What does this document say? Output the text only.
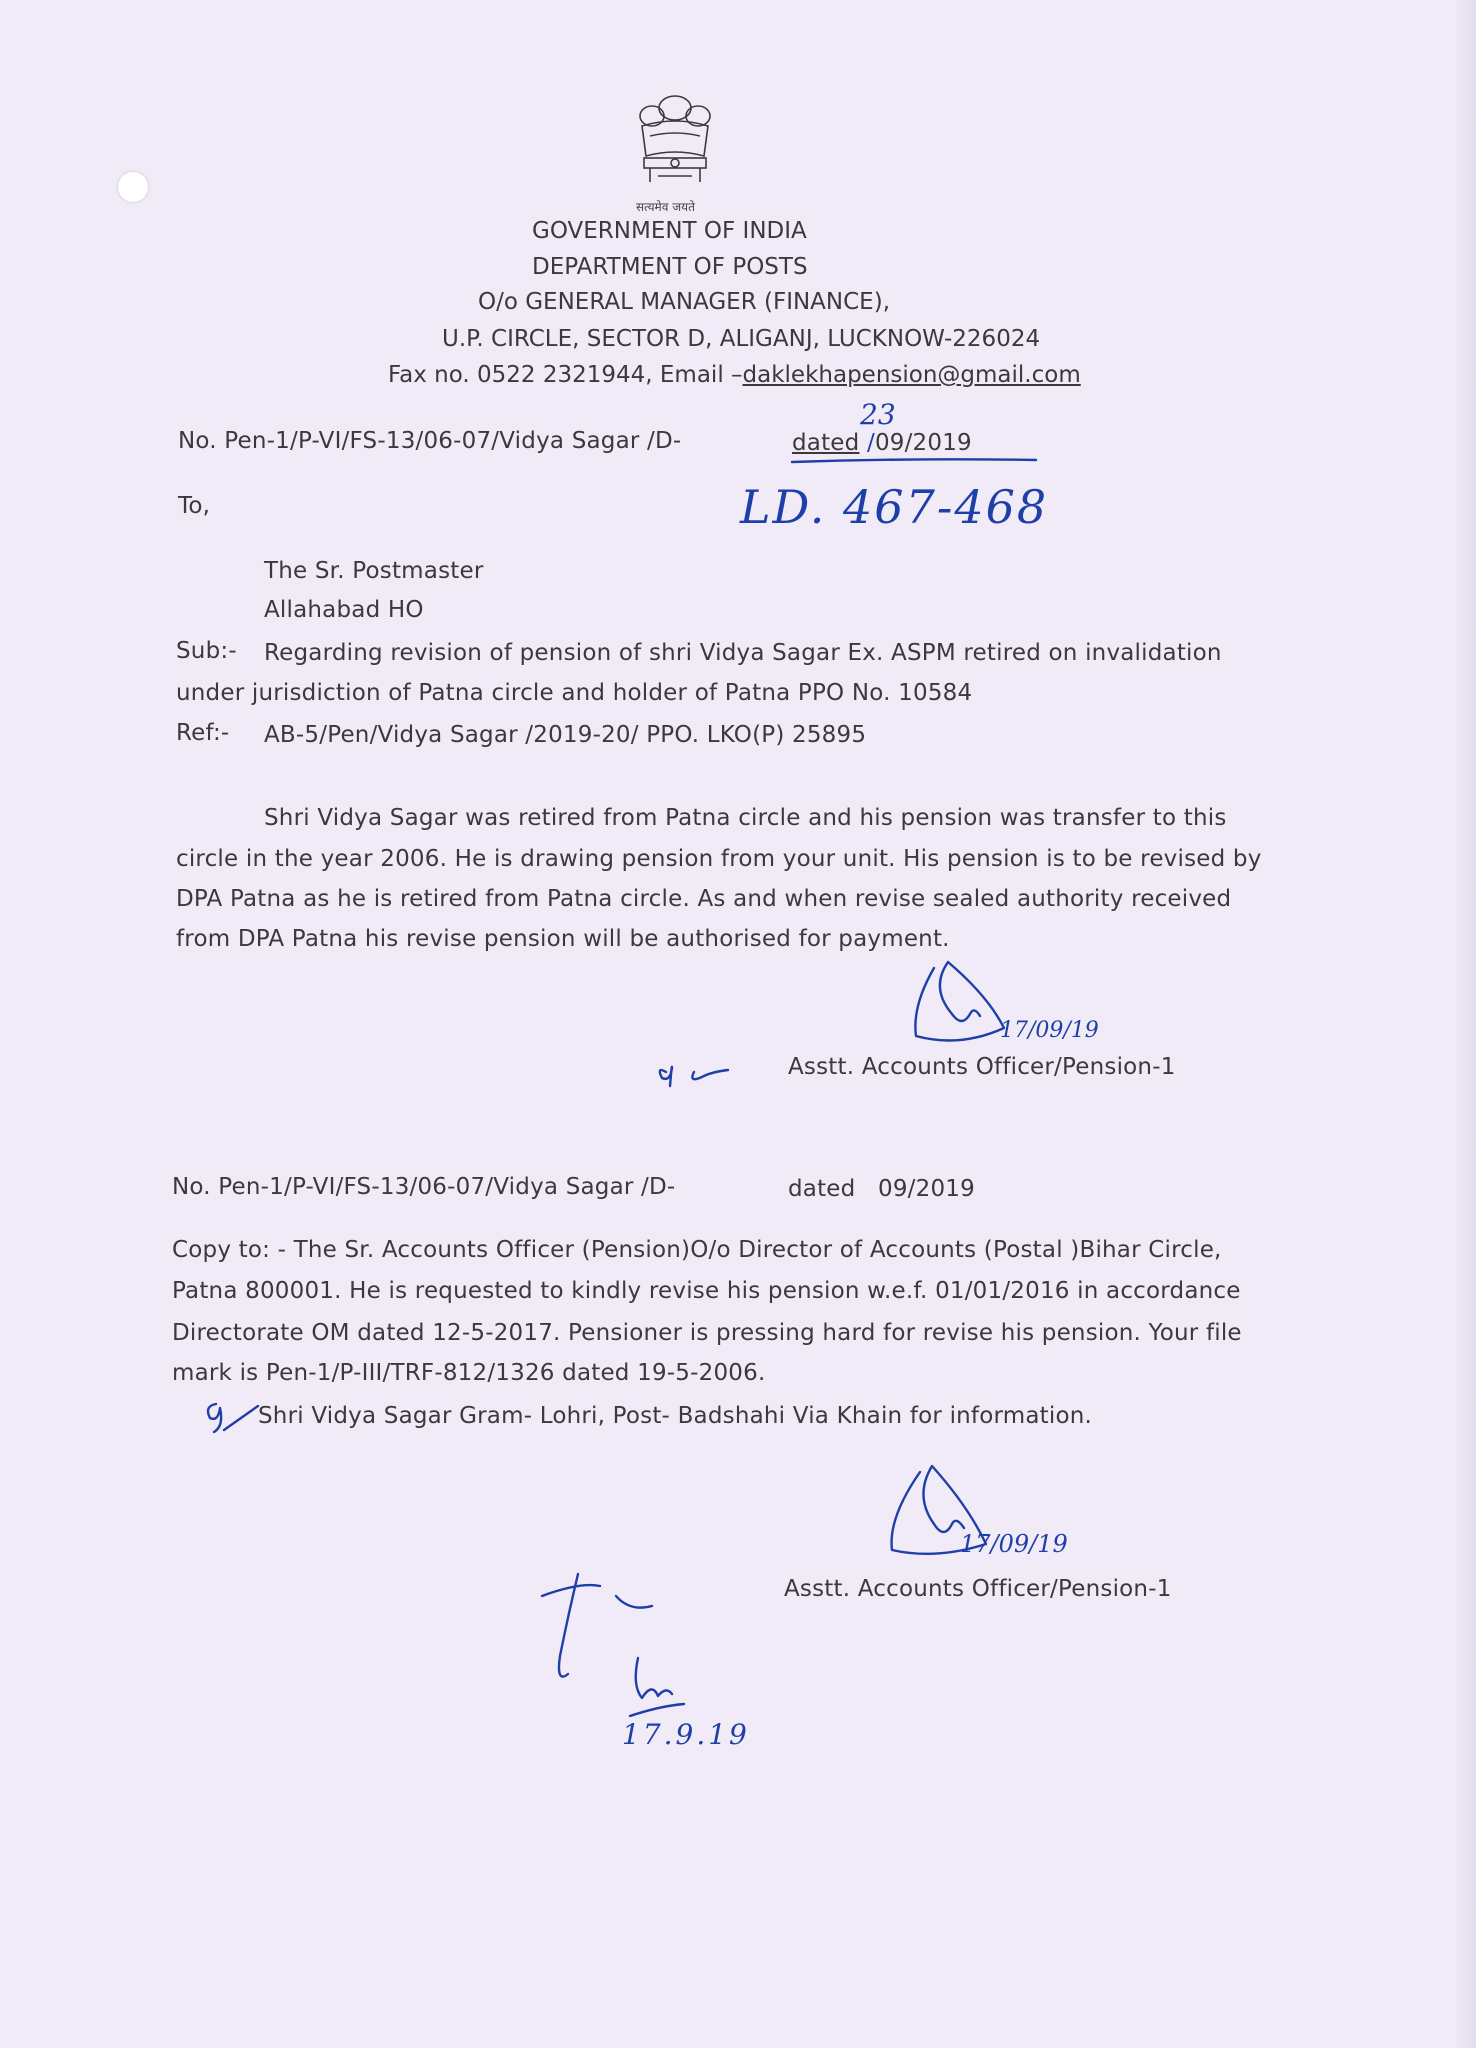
सत्यमेव जयते
GOVERNMENT OF INDIA
DEPARTMENT OF POSTS
O/o GENERAL MANAGER (FINANCE),
U.P. CIRCLE, SECTOR D, ALIGANJ, LUCKNOW-226024
Fax no. 0522 2321944, Email –daklekhapension@gmail.com
No. Pen-1/P-VI/FS-13/06-07/Vidya Sagar /D-	dated /09/2019
23
To,	LD. 467-468
The Sr. Postmaster
Allahabad HO
Sub:- Regarding revision of pension of shri Vidya Sagar Ex. ASPM retired on invalidation
under jurisdiction of Patna circle and holder of Patna PPO No. 10584
Ref:- AB-5/Pen/Vidya Sagar /2019-20/ PPO. LKO(P) 25895
Shri Vidya Sagar was retired from Patna circle and his pension was transfer to this
circle in the year 2006. He is drawing pension from your unit. His pension is to be revised by
DPA Patna as he is retired from Patna circle. As and when revise sealed authority received
from DPA Patna his revise pension will be authorised for payment.
17/09/19
Asstt. Accounts Officer/Pension-1
No. Pen-1/P-VI/FS-13/06-07/Vidya Sagar /D-	dated 09/2019
Copy to: - The Sr. Accounts Officer (Pension)O/o Director of Accounts (Postal )Bihar Circle,
Patna 800001. He is requested to kindly revise his pension w.e.f. 01/01/2016 in accordance
Directorate OM dated 12-5-2017. Pensioner is pressing hard for revise his pension. Your file
mark is Pen-1/P-III/TRF-812/1326 dated 19-5-2006.
Shri Vidya Sagar Gram- Lohri, Post- Badshahi Via Khain for information.
17/09/19
Asstt. Accounts Officer/Pension-1
17.9.19
